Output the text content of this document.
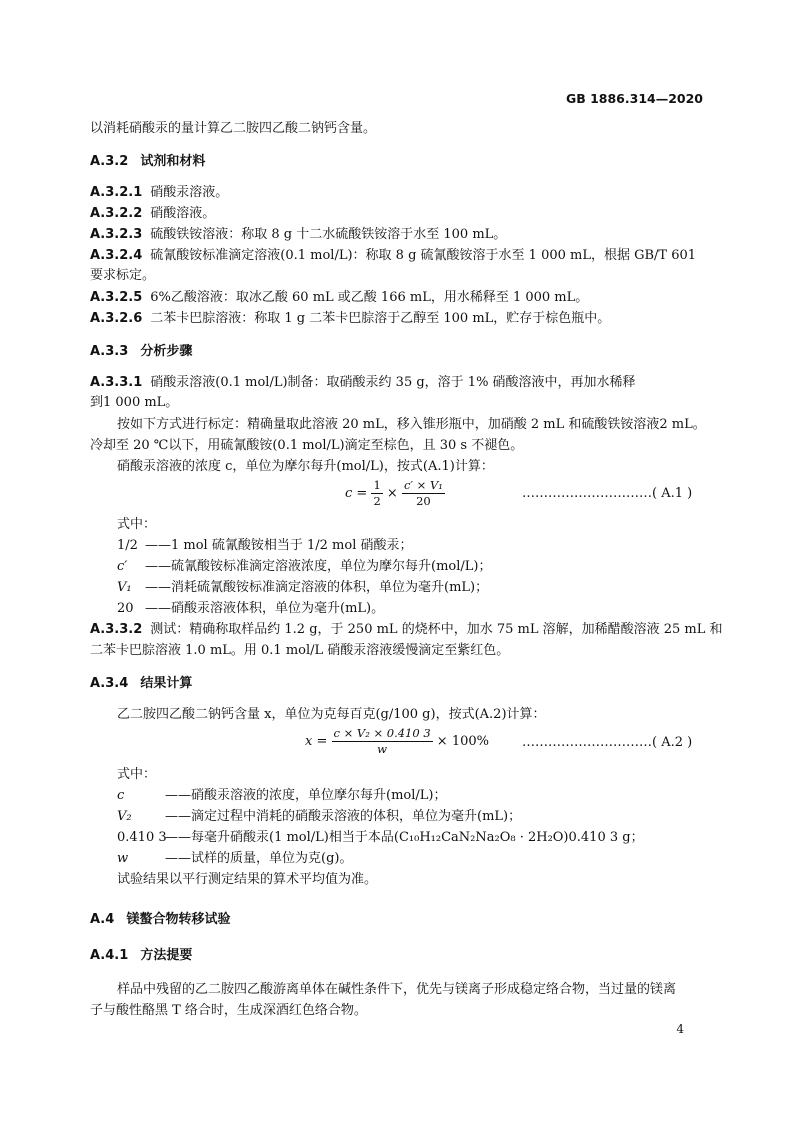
GB 1886.314—2020
以消耗硝酸汞的量计算乙二胺四乙酸二钠钙含量。
A.3.2 试剂和材料
A.3.2.1 硝酸汞溶液。
A.3.2.2 硝酸溶液。
A.3.2.3 硫酸铁铵溶液：称取 8 g 十二水硫酸铁铵溶于水至 100 mL。
A.3.2.4 硫氰酸铵标准滴定溶液(0.1 mol/L)：称取 8 g 硫氰酸铵溶于水至 1 000 mL，根据 GB/T 601
要求标定。
A.3.2.5 6%乙酸溶液：取冰乙酸 60 mL 或乙酸 166 mL，用水稀释至 1 000 mL。
A.3.2.6 二苯卡巴腙溶液：称取 1 g 二苯卡巴腙溶于乙醇至 100 mL，贮存于棕色瓶中。
A.3.3 分析步骤
A.3.3.1 硝酸汞溶液(0.1 mol/L)制备：取硝酸汞约 35 g，溶于 1% 硝酸溶液中，再加水稀释
到1 000 mL。
按如下方式进行标定：精确量取此溶液 20 mL，移入锥形瓶中，加硝酸 2 mL 和硫酸铁铵溶液2 mL。
冷却至 20 ℃以下，用硫氰酸铵(0.1 mol/L)滴定至棕色，且 30 s 不褪色。
硝酸汞溶液的浓度 c，单位为摩尔每升(mol/L)，按式(A.1)计算：
$c = \frac{1}{2} \times \frac{\text{c′ × V₁}}{20}$	…………………………( A.1 )
式中：
1/2 ——1 mol 硫氰酸铵相当于 1/2 mol 硝酸汞；
c′ ——硫氰酸铵标准滴定溶液浓度，单位为摩尔每升(mol/L)；
V₁ ——消耗硫氰酸铵标准滴定溶液的体积，单位为毫升(mL)；
20 ——硝酸汞溶液体积，单位为毫升(mL)。
A.3.3.2 测试：精确称取样品约 1.2 g，于 250 mL 的烧杯中，加水 75 mL 溶解，加稀醋酸溶液 25 mL 和
二苯卡巴腙溶液 1.0 mL。用 0.1 mol/L 硝酸汞溶液缓慢滴定至紫红色。
A.3.4 结果计算
乙二胺四乙酸二钠钙含量 x，单位为克每百克(g/100 g)，按式(A.2)计算：
$x = \frac{\text{c × V₂ × 0.410 3}}{w} \times 100\%$	…………………………( A.2 )
式中：
c	——硝酸汞溶液的浓度，单位摩尔每升(mol/L)；
V₂	——滴定过程中消耗的硝酸汞溶液的体积，单位为毫升(mL)；
0.410 3——每毫升硝酸汞(1 mol/L)相当于本品(C₁₀H₁₂CaN₂Na₂O₈ · 2H₂O)0.410 3 g；
w	——试样的质量，单位为克(g)。
试验结果以平行测定结果的算术平均值为准。
A.4 镁螯合物转移试验
A.4.1 方法提要
样品中残留的乙二胺四乙酸游离单体在碱性条件下，优先与镁离子形成稳定络合物，当过量的镁离
子与酸性酪黑 T 络合时，生成深酒红色络合物。
4
